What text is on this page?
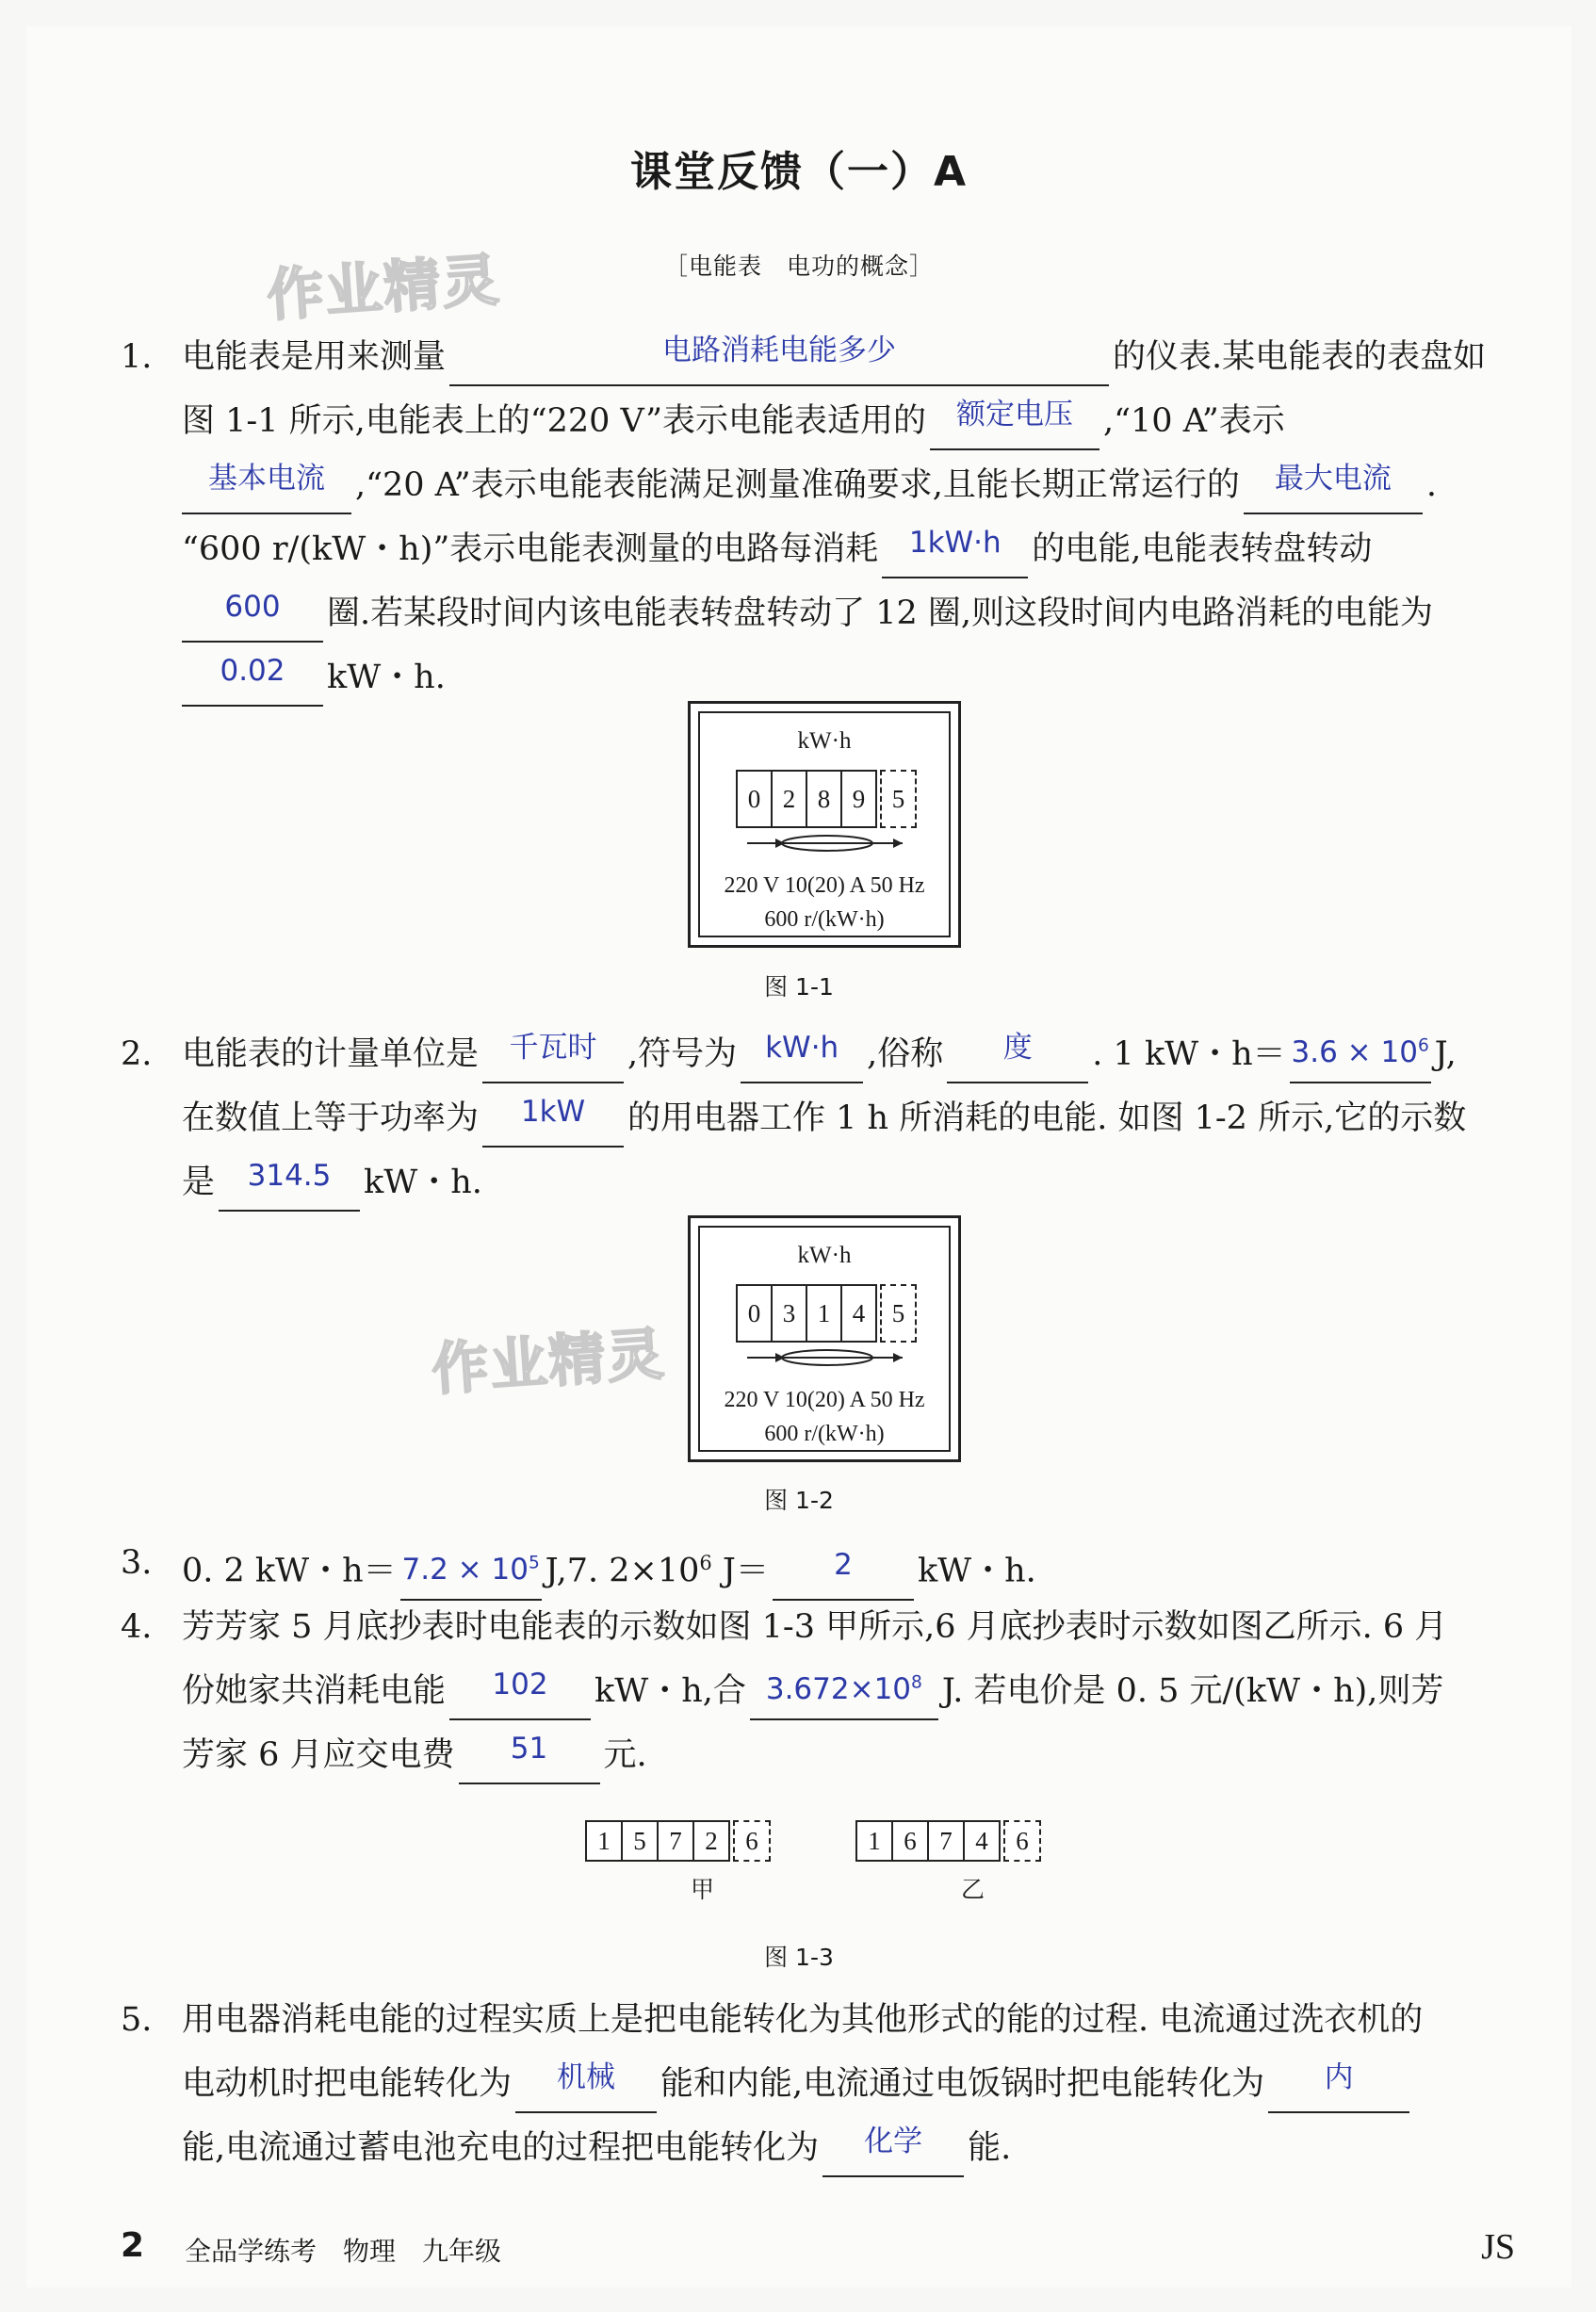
课堂反馈（一）A
［电能表　电功的概念］
作业精灵
作业精灵
1. 电能表是用来测量	电路消耗电能多少	的仪表.某电能表的表盘如
图 1-1 所示,电能表上的“220 V”表示电能表适用的 额定电压 ,“10 A”表示
基本电流 ,“20 A”表示电能表能满足测量准确要求,且能长期正常运行的 最大电流 .
“600 r/(kW・h)”表示电能表测量的电路每消耗 1kW·h 的电能,电能表转盘转动
600 圈.若某段时间内该电能表转盘转动了 12 圈,则这段时间内电路消耗的电能为
0.02 kW・h.
kW·h
0 2 8 9	5
220 V 10(20) A 50 Hz
600 r/(kW·h)
图 1-1
2. 电能表的计量单位是 千瓦时 ,符号为 kW·h ,俗称 度 . 1 kW・$h= 3.6 \times 10^6$ J,
在数值上等于功率为 1kW 的用电器工作 1 h 所消耗的电能. 如图 1-2 所示,它的示数
是 314.5 kW・h.
kW·h
0 3 1 4	5
220 V 10(20) A 50 Hz
600 r/(kW·h)
图 1-2
3. 0. 2 kW・$h= 7.2 \times 10^5$ J,7. $2\times 10^6$ J＝ 2 kW・h.
4. 芳芳家 5 月底抄表时电能表的示数如图 1-3 甲所示,6 月底抄表时示数如图乙所示. 6 月
份她家共消耗电能 102 kW・h,合 $3.672\times 10^8$ J. 若电价是 0. 5 元/(kW・h),则芳
芳家 6 月应交电费 51 元.
1 5 7 2	6
甲
1 6 7 4	6
乙
图 1-3
5. 用电器消耗电能的过程实质上是把电能转化为其他形式的能的过程. 电流通过洗衣机的
电动机时把电能转化为 机械 能和内能,电流通过电饭锅时把电能转化为 内
能,电流通过蓄电池充电的过程把电能转化为 化学 能.
2 全品学练考　物理　九年级	JS
